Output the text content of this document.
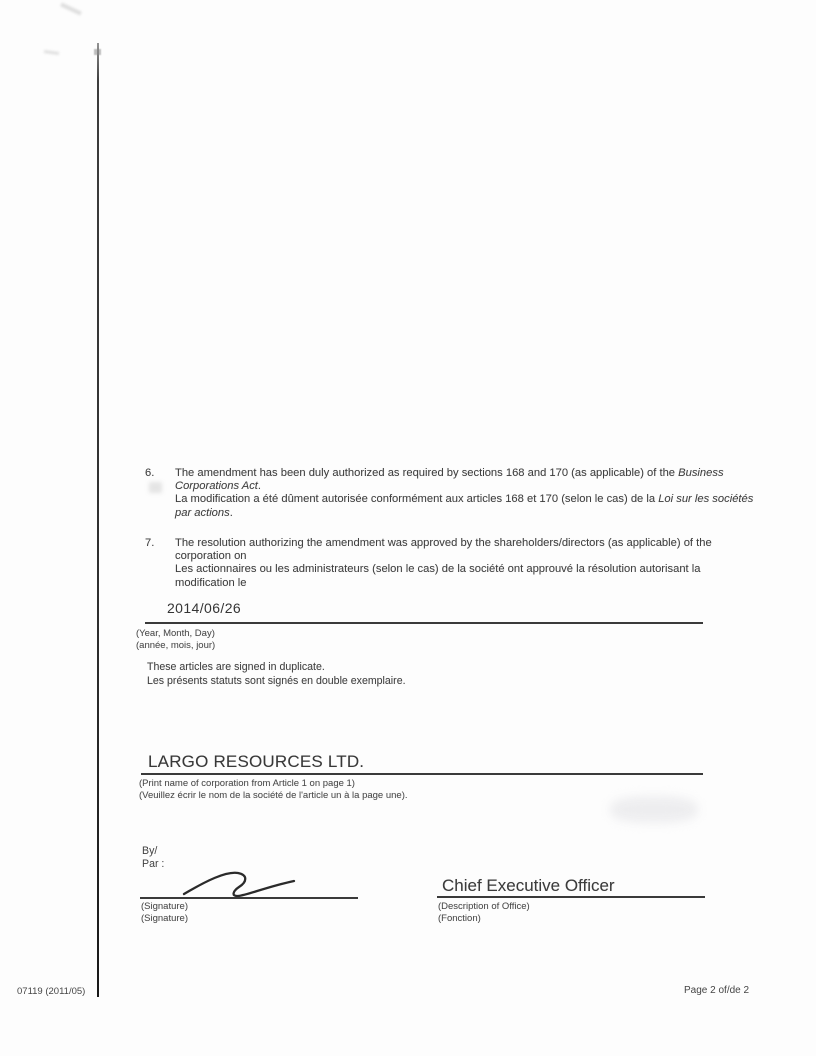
6. The amendment has been duly authorized as required by sections 168 and 170 (as applicable) of the Business Corporations Act.

La modification a été dûment autorisée conformément aux articles 168 et 170 (selon le cas) de la Loi sur les sociétés par actions.

7. The resolution authorizing the amendment was approved by the shareholders/directors (as applicable) of the corporation on

Les actionnaires ou les administrateurs (selon le cas) de la société ont approuvé la résolution autorisant la modification le

2014/06/26

(Year, Month, Day)

(année, mois, jour)

These articles are signed in duplicate.

Les présents statuts sont signés en double exemplaire.

LARGO RESOURCES LTD.

(Print name of corporation from Article 1 on page 1)

(Veuillez écrir le nom de la société de l'article un à la page une).

By/

Par :

(Signature)

(Signature)

Chief Executive Officer

(Description of Office)

(Fonction)

07119 (2011/05)	Page 2 of/de 2
